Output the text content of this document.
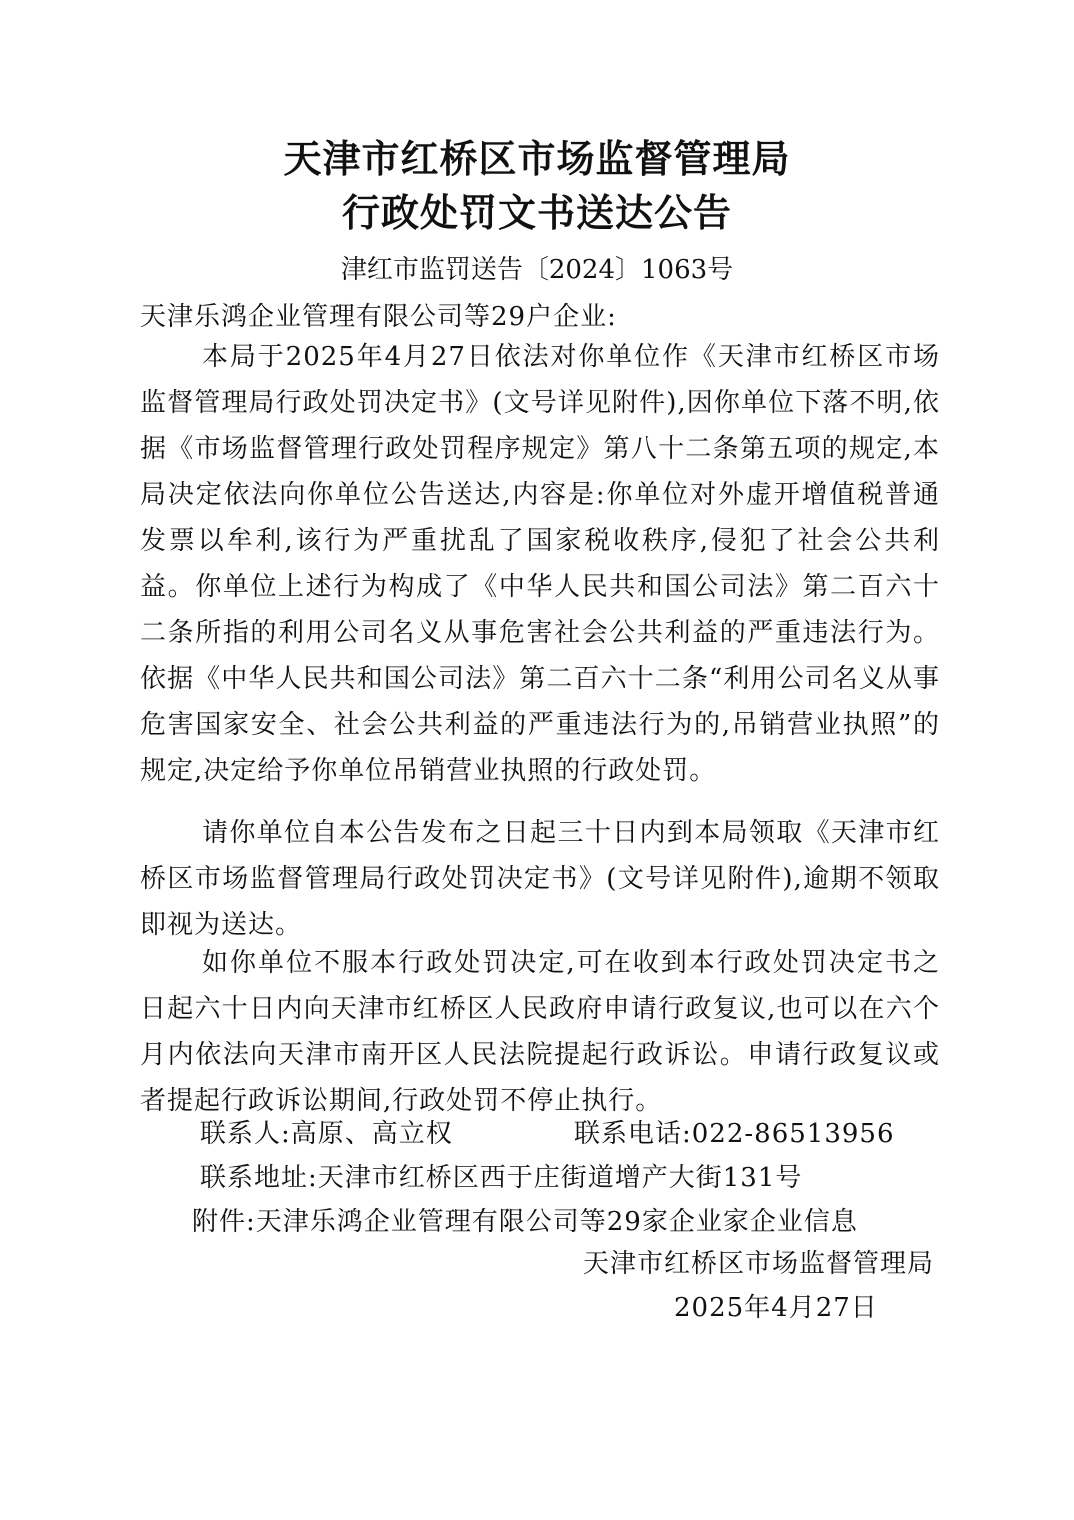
天津市红桥区市场监督管理局
行政处罚文书送达公告
津红市监罚送告〔2024〕1063号
天津乐鸿企业管理有限公司等29户企业:
本局于2025年4月27日依法对你单位作《天津市红桥区市场监督管理局行政处罚决定书》(文号详见附件),因你单位下落不明,依据《市场监督管理行政处罚程序规定》第八十二条第五项的规定,本局决定依法向你单位公告送达,内容是:你单位对外虚开增值税普通发票以牟利,该行为严重扰乱了国家税收秩序,侵犯了社会公共利益。你单位上述行为构成了《中华人民共和国公司法》第二百六十二条所指的利用公司名义从事危害社会公共利益的严重违法行为。依据《中华人民共和国公司法》第二百六十二条“利用公司名义从事危害国家安全、社会公共利益的严重违法行为的,吊销营业执照”的规定,决定给予你单位吊销营业执照的行政处罚。
请你单位自本公告发布之日起三十日内到本局领取《天津市红桥区市场监督管理局行政处罚决定书》(文号详见附件),逾期不领取即视为送达。
如你单位不服本行政处罚决定,可在收到本行政处罚决定书之日起六十日内向天津市红桥区人民政府申请行政复议,也可以在六个月内依法向天津市南开区人民法院提起行政诉讼。申请行政复议或者提起行政诉讼期间,行政处罚不停止执行。
联系人:高原、高立权	联系电话:022-86513956
联系地址:天津市红桥区西于庄街道增产大街131号
附件:天津乐鸿企业管理有限公司等29家企业家企业信息
天津市红桥区市场监督管理局
2025年4月27日
